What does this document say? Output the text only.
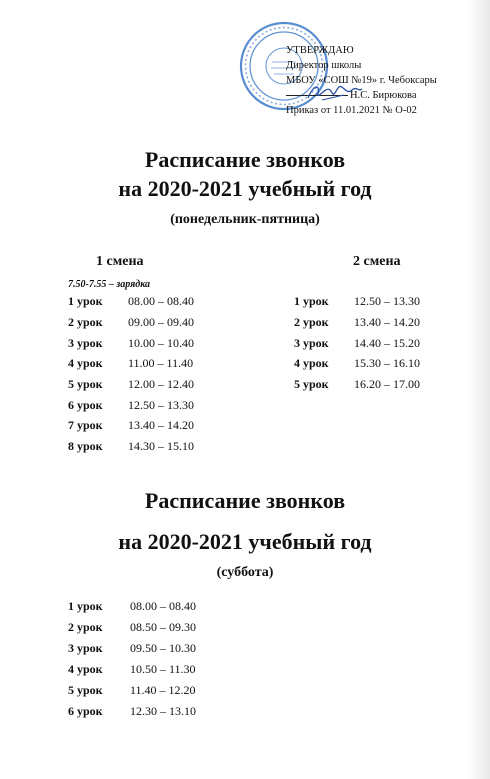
УТВЕРЖДАЮ
Директор школы
МБОУ «СОШ №19» г. Чебоксары
Н.С. Бирюкова
Приказ от 11.01.2021 № О-02
Расписание звонков
на 2020-2021 учебный год
(понедельник-пятница)
1 смена	2 смена
7.50-7.55 – зарядка
1 урок 08.00 – 08.40
2 урок 09.00 – 09.40
3 урок 10.00 – 10.40
4 урок 11.00 – 11.40
5 урок 12.00 – 12.40
6 урок 12.50 – 13.30
7 урок 13.40 – 14.20
8 урок 14.30 – 15.10
1 урок 12.50 – 13.30
2 урок 13.40 – 14.20
3 урок 14.40 – 15.20
4 урок 15.30 – 16.10
5 урок 16.20 – 17.00
Расписание звонков
на 2020-2021 учебный год
(суббота)
1 урок 08.00 – 08.40
2 урок 08.50 – 09.30
3 урок 09.50 – 10.30
4 урок 10.50 – 11.30
5 урок 11.40 – 12.20
6 урок 12.30 – 13.10
